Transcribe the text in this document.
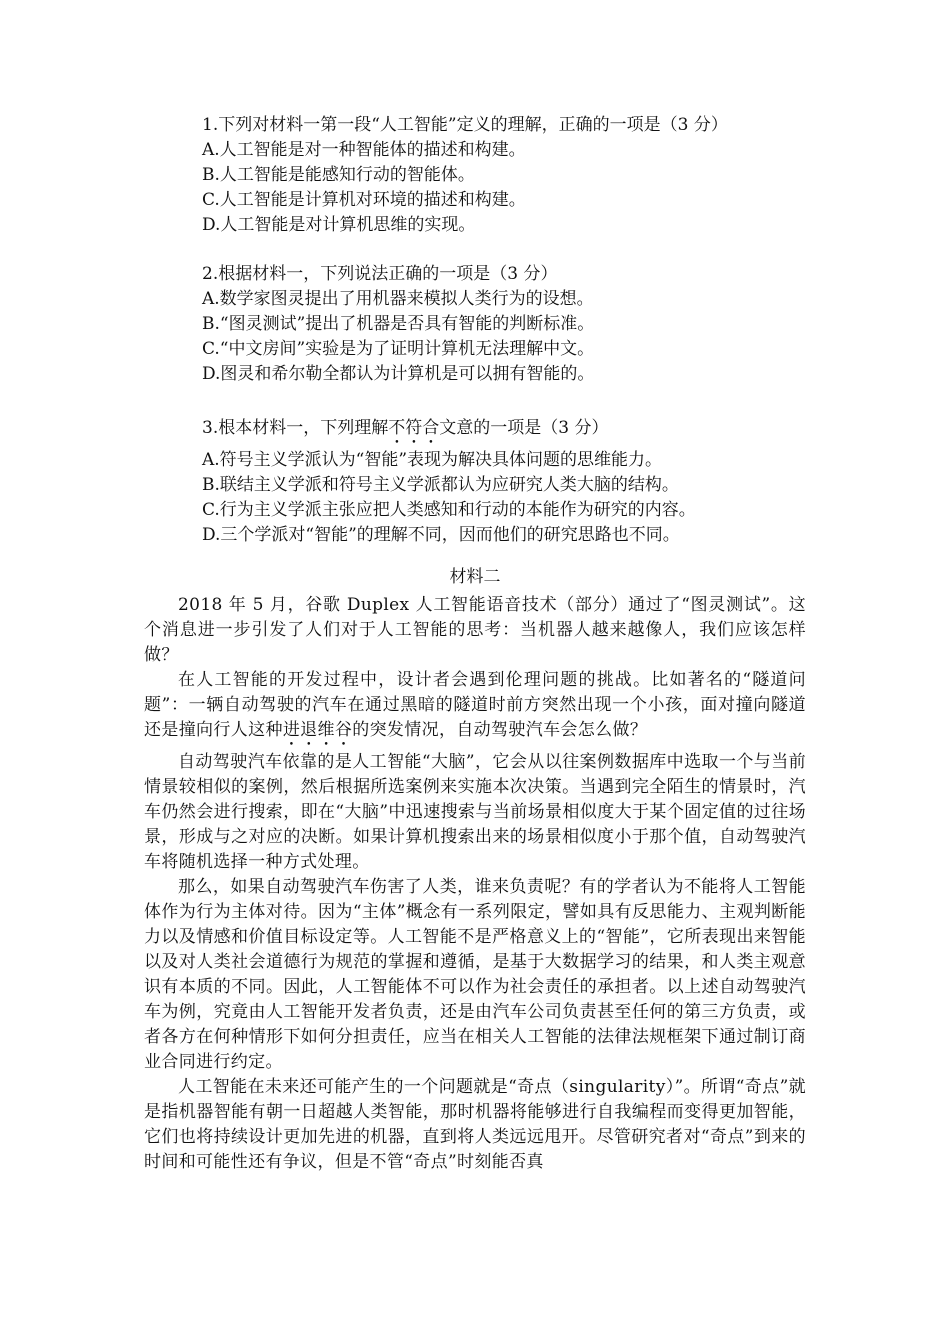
1.下列对材料一第一段“人工智能”定义的理解，正确的一项是（3 分）

A.人工智能是对一种智能体的描述和构建。

B.人工智能是能感知行动的智能体。

C.人工智能是计算机对环境的描述和构建。

D.人工智能是对计算机思维的实现。

2.根据材料一，下列说法正确的一项是（3 分）

A.数学家图灵提出了用机器来模拟人类行为的设想。

B.“图灵测试”提出了机器是否具有智能的判断标准。

C.“中文房间”实验是为了证明计算机无法理解中文。

D.图灵和希尔勒全都认为计算机是可以拥有智能的。

3.根本材料一，下列理解不符合文意的一项是（3 分）

A.符号主义学派认为“智能”表现为解决具体问题的思维能力。

B.联结主义学派和符号主义学派都认为应研究人类大脑的结构。

C.行为主义学派主张应把人类感知和行动的本能作为研究的内容。

D.三个学派对“智能”的理解不同，因而他们的研究思路也不同。

材料二

2018 年 5 月，谷歌 Duplex 人工智能语音技术（部分）通过了“图灵测试”。这个消息进一步引发了人们对于人工智能的思考：当机器人越来越像人，我们应该怎样做？

在人工智能的开发过程中，设计者会遇到伦理问题的挑战。比如著名的“隧道问题”：一辆自动驾驶的汽车在通过黑暗的隧道时前方突然出现一个小孩，面对撞向隧道还是撞向行人这种进退维谷的突发情况，自动驾驶汽车会怎么做？

自动驾驶汽车依靠的是人工智能“大脑”，它会从以往案例数据库中选取一个与当前情景较相似的案例，然后根据所选案例来实施本次决策。当遇到完全陌生的情景时，汽车仍然会进行搜索，即在“大脑”中迅速搜索与当前场景相似度大于某个固定值的过往场景，形成与之对应的决断。如果计算机搜索出来的场景相似度小于那个值，自动驾驶汽车将随机选择一种方式处理。

那么，如果自动驾驶汽车伤害了人类，谁来负责呢？有的学者认为不能将人工智能体作为行为主体对待。因为“主体”概念有一系列限定，譬如具有反思能力、主观判断能力以及情感和价值目标设定等。人工智能不是严格意义上的“智能”，它所表现出来智能以及对人类社会道德行为规范的掌握和遵循，是基于大数据学习的结果，和人类主观意识有本质的不同。因此，人工智能体不可以作为社会责任的承担者。以上述自动驾驶汽车为例，究竟由人工智能开发者负责，还是由汽车公司负责甚至任何的第三方负责，或者各方在何种情形下如何分担责任，应当在相关人工智能的法律法规框架下通过制订商业合同进行约定。

人工智能在未来还可能产生的一个问题就是“奇点（singularity）”。所谓“奇点”就是指机器智能有朝一日超越人类智能，那时机器将能够进行自我编程而变得更加智能，它们也将持续设计更加先进的机器，直到将人类远远甩开。尽管研究者对“奇点”到来的时间和可能性还有争议，但是不管“奇点”时刻能否真
